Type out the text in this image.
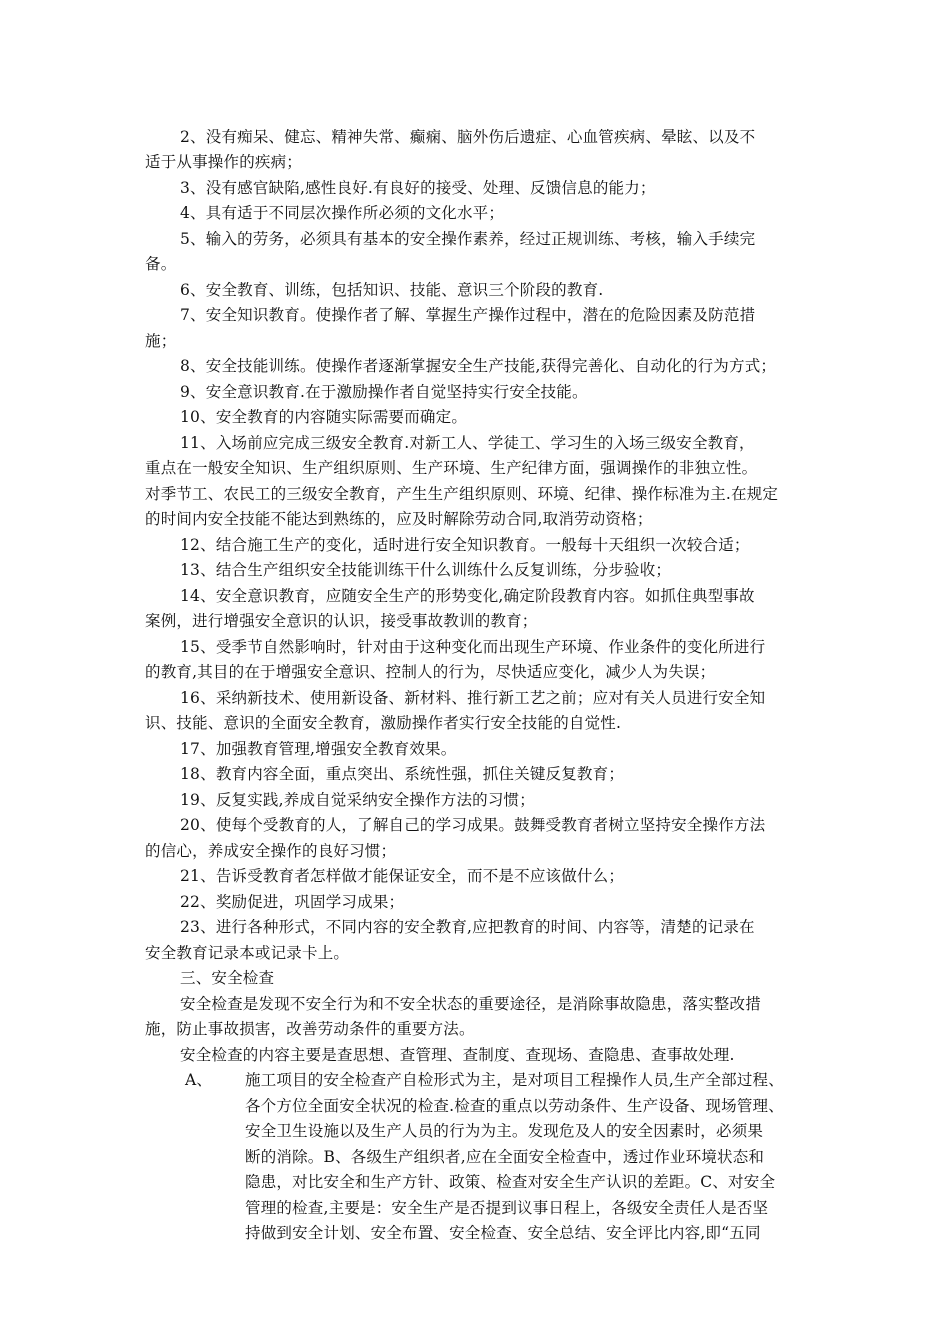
2、没有痴呆、健忘、精神失常、癫痫、脑外伤后遗症、心血管疾病、晕眩、以及不
适于从事操作的疾病；
3、没有感官缺陷,感性良好.有良好的接受、处理、反馈信息的能力；
4、具有适于不同层次操作所必须的文化水平；
5、输入的劳务，必须具有基本的安全操作素养，经过正规训练、考核，输入手续完
备。
6、安全教育、训练，包括知识、技能、意识三个阶段的教育.
7、安全知识教育。使操作者了解、掌握生产操作过程中，潜在的危险因素及防范措
施；
8、安全技能训练。使操作者逐渐掌握安全生产技能,获得完善化、自动化的行为方式；
9、安全意识教育.在于激励操作者自觉坚持实行安全技能。
10、安全教育的内容随实际需要而确定。
11、入场前应完成三级安全教育.对新工人、学徒工、学习生的入场三级安全教育，
重点在一般安全知识、生产组织原则、生产环境、生产纪律方面，强调操作的非独立性。
对季节工、农民工的三级安全教育，产生生产组织原则、环境、纪律、操作标准为主.在规定
的时间内安全技能不能达到熟练的，应及时解除劳动合同,取消劳动资格；
12、结合施工生产的变化，适时进行安全知识教育。一般每十天组织一次较合适；
13、结合生产组织安全技能训练干什么训练什么反复训练，分步验收；
14、安全意识教育，应随安全生产的形势变化,确定阶段教育内容。如抓住典型事故
案例，进行增强安全意识的认识，接受事故教训的教育；
15、受季节自然影响时，针对由于这种变化而出现生产环境、作业条件的变化所进行
的教育,其目的在于增强安全意识、控制人的行为，尽快适应变化，减少人为失误；
16、采纳新技术、使用新设备、新材料、推行新工艺之前；应对有关人员进行安全知
识、技能、意识的全面安全教育，激励操作者实行安全技能的自觉性.
17、加强教育管理,增强安全教育效果。
18、教育内容全面，重点突出、系统性强，抓住关键反复教育；
19、反复实践,养成自觉采纳安全操作方法的习惯；
20、使每个受教育的人，了解自己的学习成果。鼓舞受教育者树立坚持安全操作方法
的信心，养成安全操作的良好习惯；
21、告诉受教育者怎样做才能保证安全，而不是不应该做什么；
22、奖励促进，巩固学习成果；
23、进行各种形式，不同内容的安全教育,应把教育的时间、内容等，清楚的记录在
安全教育记录本或记录卡上。
三、安全检查
安全检查是发现不安全行为和不安全状态的重要途径，是消除事故隐患，落实整改措
施，防止事故损害，改善劳动条件的重要方法。
安全检查的内容主要是查思想、查管理、查制度、查现场、查隐患、查事故处理.
A、	施工项目的安全检查产自检形式为主，是对项目工程操作人员,生产全部过程、
各个方位全面安全状况的检查.检查的重点以劳动条件、生产设备、现场管理、
安全卫生设施以及生产人员的行为为主。发现危及人的安全因素时，必须果
断的消除。B、各级生产组织者,应在全面安全检查中，透过作业环境状态和
隐患，对比安全和生产方针、政策、检查对安全生产认识的差距。C、对安全
管理的检查,主要是：安全生产是否提到议事日程上，各级安全责任人是否坚
持做到安全计划、安全布置、安全检查、安全总结、安全评比内容,即“五同
